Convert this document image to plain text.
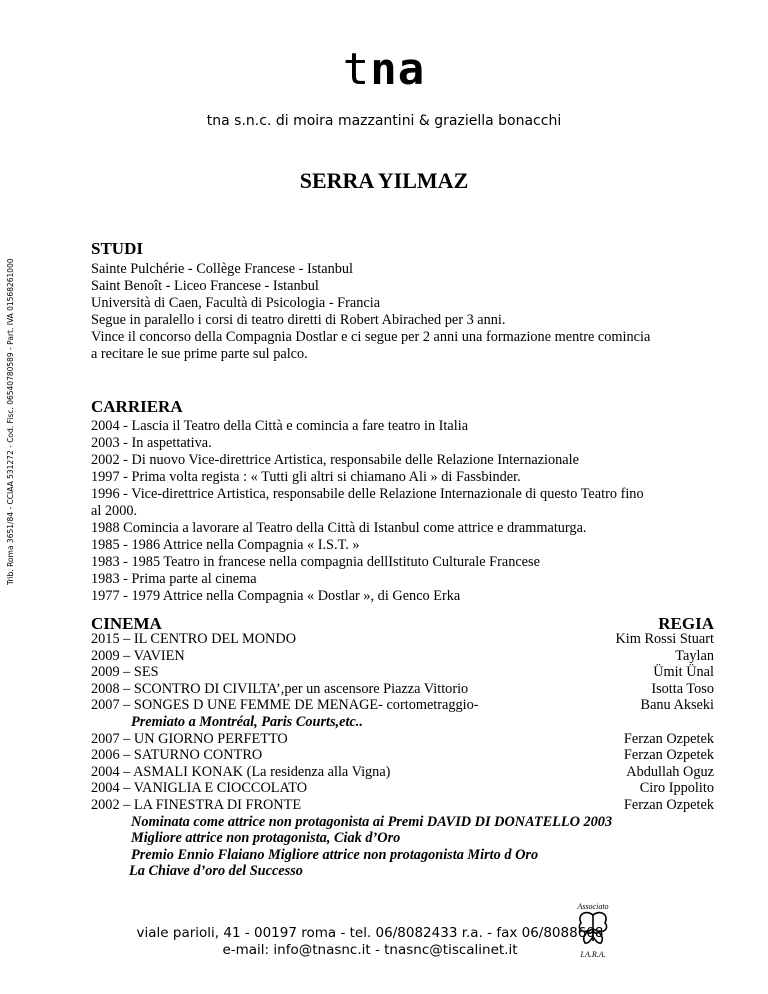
tna
tna s.n.c. di moira mazzantini & graziella bonacchi
Trib. Roma 3651/84 - CCIAA 531272 - Cod. Fisc. 06540780589 - Part. IVA 01568261000
SERRA YILMAZ
STUDI
Sainte Pulchérie - Collège Francese - Istanbul
Saint Benoît - Liceo Francese - Istanbul
Università di Caen, Facultà di Psicologia - Francia
Segue in paralello i corsi di teatro diretti di Robert Abirached per 3 anni.
Vince il concorso della Compagnia Dostlar e ci segue per 2 anni una formazione mentre comincia
a recitare le sue prime parte sul palco.
CARRIERA
2004 - Lascia il Teatro della Città e comincia a fare teatro in Italia
2003 - In aspettativa.
2002 - Di nuovo Vice-direttrice Artistica, responsabile delle Relazione Internazionale
1997 - Prima volta regista : « Tutti gli altri si chiamano Ali » di Fassbinder.
1996 - Vice-direttrice Artistica, responsabile delle Relazione Internazionale di questo Teatro fino
al 2000.
1988 Comincia a lavorare al Teatro della Città di Istanbul come attrice e drammaturga.
1985 - 1986 Attrice nella Compagnia « I.S.T. »
1983 - 1985 Teatro in francese nella compagnia dellIstituto Culturale Francese
1983 - Prima parte al cinema
1977 - 1979 Attrice nella Compagnia « Dostlar », di Genco Erka
CINEMA	REGIA
2015 – IL CENTRO DEL MONDO	Kim Rossi Stuart
2009 – VAVIEN	Taylan
2009 – SES	Ümit Ünal
2008 – SCONTRO DI CIVILTA’,per un ascensore Piazza Vittorio	Isotta Toso
2007 – SONGES D UNE FEMME DE MENAGE- cortometraggio-	Banu Akseki
Premiato a Montréal, Paris Courts,etc..
2007 – UN GIORNO PERFETTO	Ferzan Ozpetek
2006 – SATURNO CONTRO	Ferzan Ozpetek
2004 – ASMALI KONAK (La residenza alla Vigna)	Abdullah Oguz
2004 – VANIGLIA E CIOCCOLATO	Ciro Ippolito
2002 – LA FINESTRA DI FRONTE	Ferzan Ozpetek
Nominata come attrice non protagonista ai Premi DAVID DI DONATELLO 2003
Migliore attrice non protagonista, Ciak d’Oro
Premio Ennio Flaiano Migliore attrice non protagonista Mirto d Oro
La Chiave d’oro del Successo
viale parioli, 41 - 00197 roma - tel. 06/8082433 r.a. - fax 06/8088608
e-mail: info@tnasnc.it - tnasnc@tiscalinet.it
Associato
I.A.R.A.
